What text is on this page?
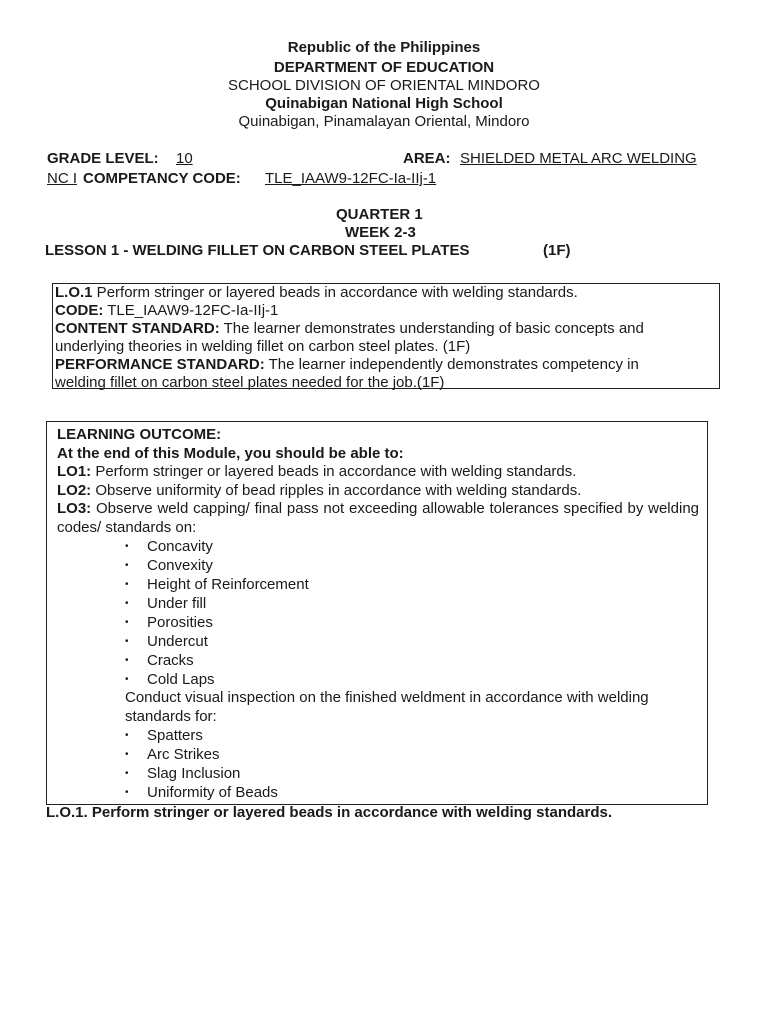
Republic of the Philippines
DEPARTMENT OF EDUCATION
SCHOOL DIVISION OF ORIENTAL MINDORO
Quinabigan National High School
Quinabigan, Pinamalayan Oriental, Mindoro
GRADE LEVEL: 10	AREA: SHIELDED METAL ARC WELDING
NC I COMPETANCY CODE: TLE_IAAW9-12FC-Ia-IIj-1
QUARTER 1
WEEK 2-3
LESSON 1 - WELDING FILLET ON CARBON STEEL PLATES	(1F)

L.O.1 Perform stringer or layered beads in accordance with welding standards.

CODE: TLE_IAAW9-12FC-Ia-IIj-1

CONTENT STANDARD: The learner demonstrates understanding of basic concepts and

underlying theories in welding fillet on carbon steel plates. (1F)

PERFORMANCE STANDARD: The learner independently demonstrates competency in

welding fillet on carbon steel plates needed for the job.(1F)

LEARNING OUTCOME:

At the end of this Module, you should be able to:

LO1: Perform stringer or layered beads in accordance with welding standards.

LO2: Observe uniformity of bead ripples in accordance with welding standards.

LO3: Observe weld capping/ final pass not exceeding allowable tolerances specified by welding codes/ standards on:

• Concavity
• Convexity
• Height of Reinforcement
• Under fill
• Porosities
• Undercut
• Cracks
• Cold Laps

Conduct visual inspection on the finished weldment in accordance with welding

standards for:

• Spatters
• Arc Strikes
• Slag Inclusion
• Uniformity of Beads
L.O.1. Perform stringer or layered beads in accordance with welding standards.
